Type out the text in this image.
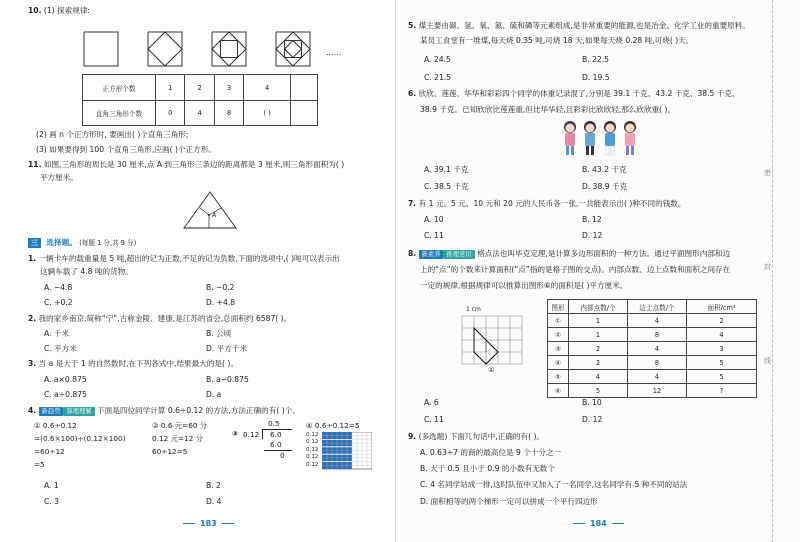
10. (1) 探索规律:
……
正方形个数	1	2	3	4	
直角三角形个数	0	4	8	( )	
(2) 画 n 个正方形时, 要画出( )个直角三角形;
(3) 如果要得到 100 个直角三角形,应画( )个正方形。
11. 如图,三角形的周长是 30 厘米,点 A 到三角形三条边的距离都是 3 厘米,则三角形面积为( )
平方厘米。
A
三 选择题。 (每题 1 分,共 9 分)
1. 一辆卡车的载重量是 5 吨,超出的记为正数,不足的记为负数,下面的选项中,( )吨可以表示出
这辆车载了 4.8 吨的货物。
A. −4.8	B. −0.2
C. +0.2	D. +4.8
2. 我的家乡南京,简称“宁”,古称金陵、建康,是江苏的省会,总面积约 6587( )。
A. 千米	B. 公顷
C. 平方米	D. 平方千米
3. 当 a 是大于 1 的自然数时,在下列各式中,结果最大的是( )。
A. a×0.875	B. a−0.875
C. a÷0.875	D. a
4. 新趋势 算理理解 下面是四位同学计算 0.6÷0.12 的方法,方法正确的有( )个。
① 0.6÷0.12
=(0.6×100)÷(0.12×100)
=60÷12
=5
② 0.6 元=60 分
0.12 元=12 分
60÷12=5
③
0.5
0.12 6.0
6.0
0
④ 0.6÷0.12=5
0.12
0.12
0.12
0.12
0.12
A. 1	B. 2
C. 3	D. 4
183
5. 煤主要由碳、氢、氧、氮、硫和磷等元素组成,是非常重要的能源,也是冶金、化学工业的重要原料。
某员工食堂有一堆煤,每天烧 0.35 吨,可烧 18 天,如果每天烧 0.28 吨,可烧( )天。
A. 24.5	B. 22.5
C. 21.5	D. 19.5
6. 欣欣、莲莲、华华和彩彩四个同学的体重记录混了,分别是 39.1 千克、43.2 千克、38.5 千克、
38.9 千克。已知欣欣比莲莲重,但比华华轻,且彩彩比欣欣轻,那么欣欣重( )。
A. 39.1 千克	B. 43.2 千克
C. 38.5 千克	D. 38.9 千克
7. 有 1 元、5 元、10 元和 20 元的人民币各一张,一共能表示出( )种不同的钱数。
A. 10	B. 12
C. 11	D. 12
8. 新素养 推理意识 格点法也叫毕克定理,是计算多边形面积的一种方法。通过平面图形内部和边
上的“点”的个数来计算面积(“点”指的是格子图的交点)。内部点数、边上点数和面积之间存在
一定的规律,根据规律可以推算出图形⑥的面积是( )平方厘米。
1 cm
①
图形	内部点数/个	边上点数/个	面积/cm²
①	1	4	2
②	1	8	4
③	2	4	3
④	2	8	5
⑤	4	4	5
⑥	5	12	?
A. 6	B. 10
C. 11	D. 12
9. (多选题) 下面几句话中,正确的有( )。
A. 0.63÷7 的商的最高位是 9 个十分之一
B. 大于 0.5 且小于 0.9 的小数有无数个
C. 4 名同学站成一排,这时队伍中又加入了一名同学,这名同学有 5 种不同的站法
D. 面积相等的两个梯形一定可以拼成一个平行四边形
184
密
封
线
